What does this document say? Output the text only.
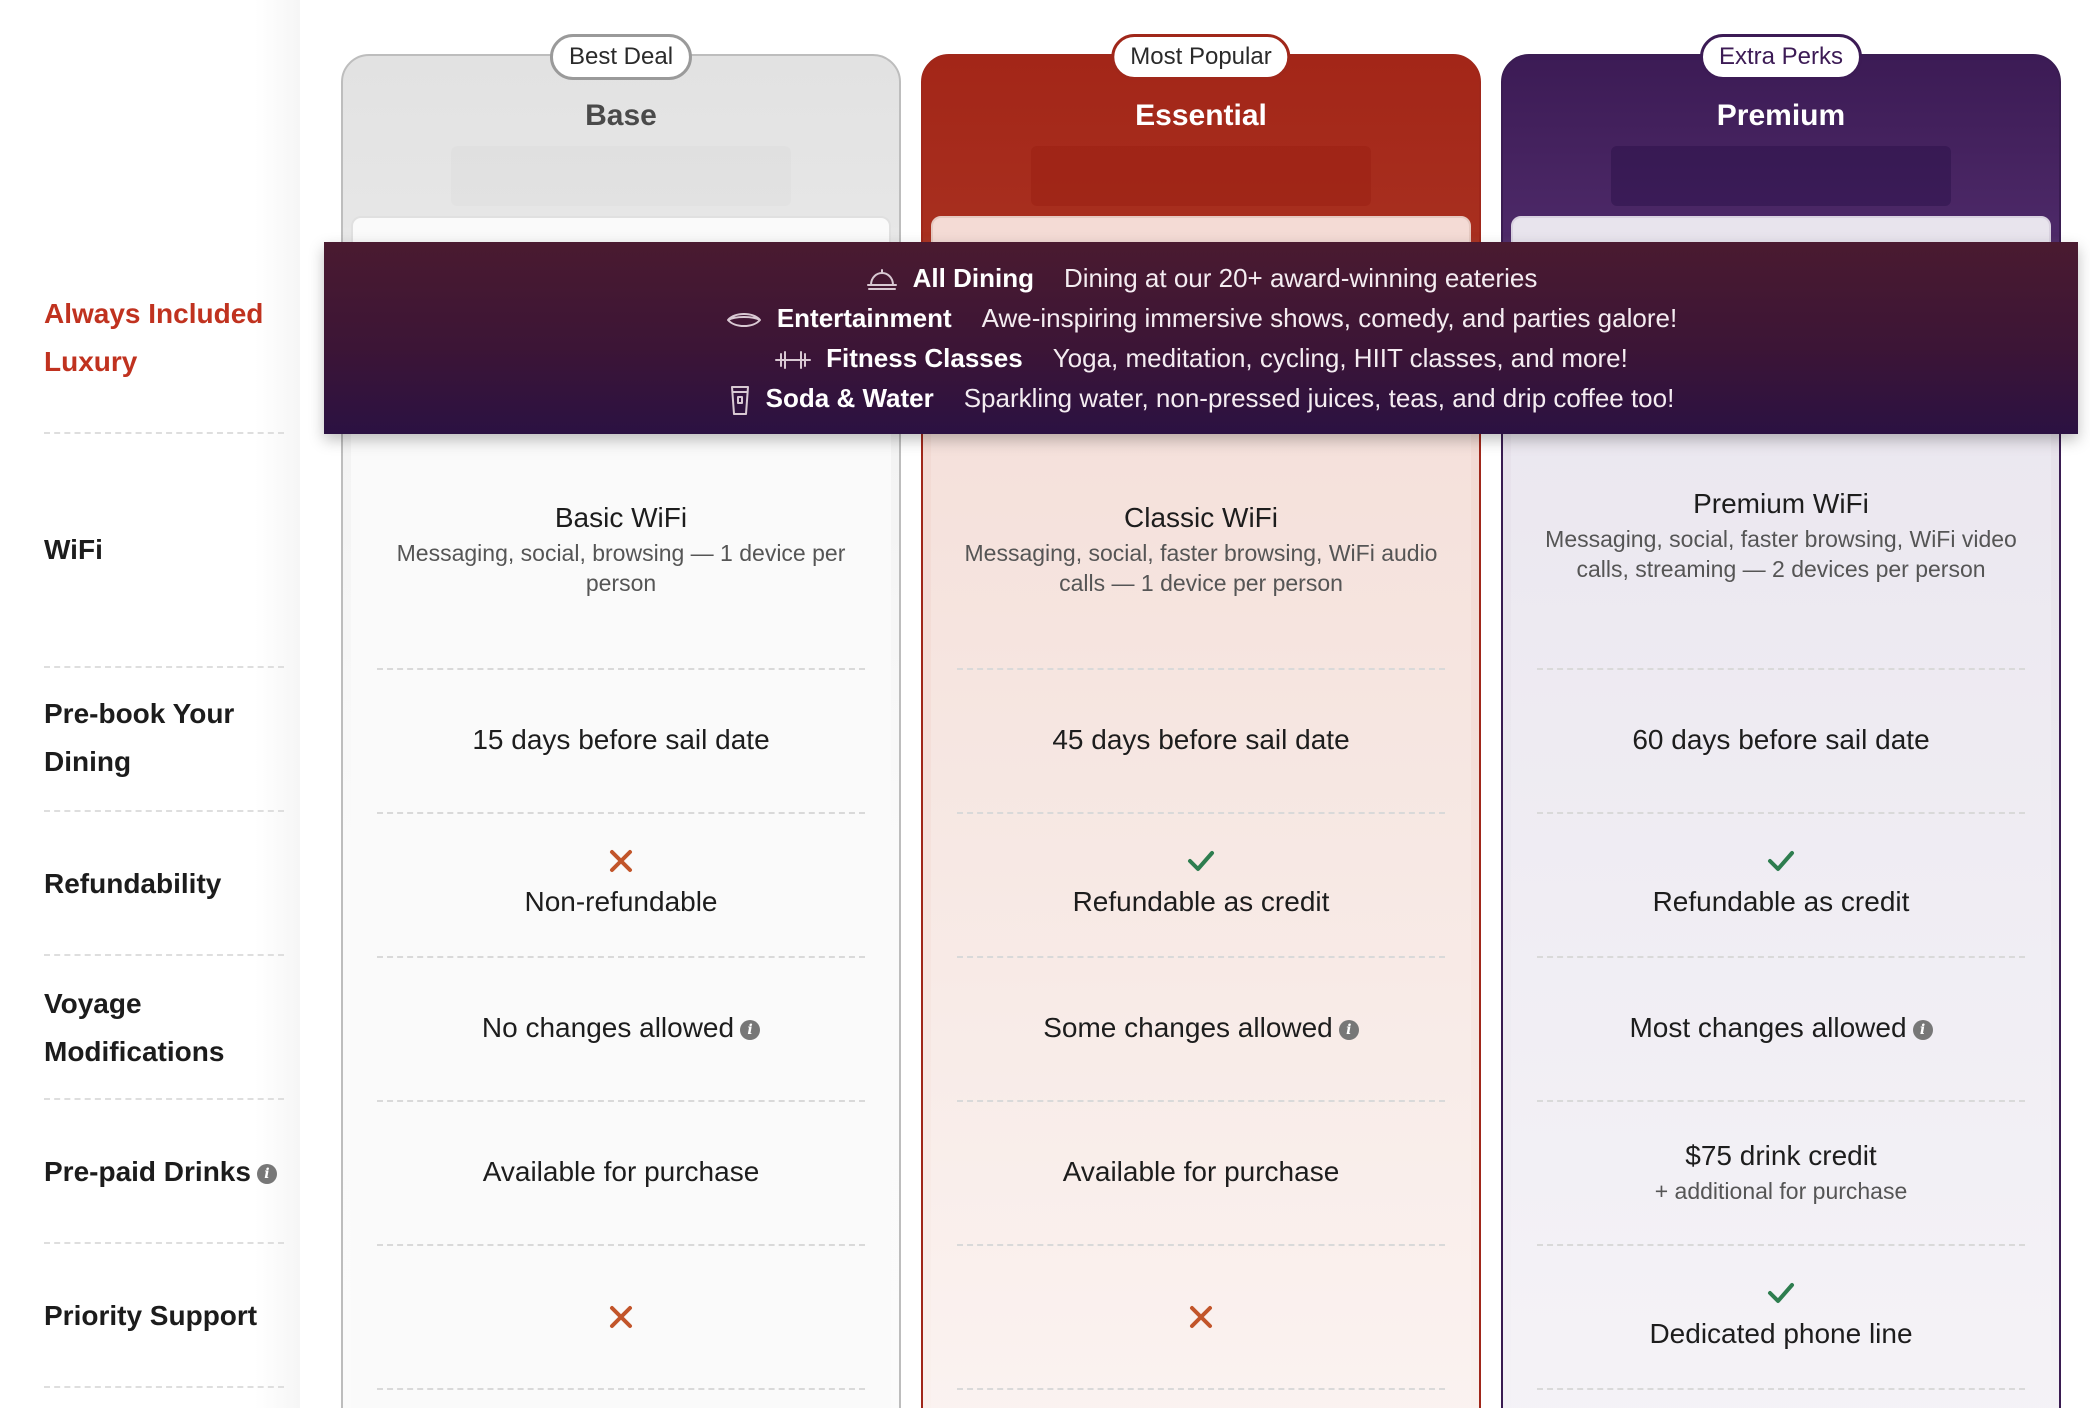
Always Included Luxury
WiFi
Pre-book Your
Dining
Refundability
Voyage
Modifications
Pre-paid Drinks i
Priority Support
Best Deal
Base
Basic WiFi
Messaging, social, browsing — 1 device per person
15 days before sail date
Non-refundable
No changes allowed i
Available for purchase
Most Popular
Essential
Classic WiFi
Messaging, social, faster browsing, WiFi audio calls — 1 device per person
45 days before sail date
Refundable as credit
Some changes allowed i
Available for purchase
Extra Perks
Premium
Premium WiFi
Messaging, social, faster browsing, WiFi video calls, streaming — 2 devices per person
60 days before sail date
Refundable as credit
Most changes allowed i
$75 drink credit
+ additional for purchase
Dedicated phone line
All Dining Dining at our 20+ award-winning eateries
Entertainment Awe-inspiring immersive shows, comedy, and parties galore!
Fitness Classes Yoga, meditation, cycling, HIIT classes, and more!
Soda & Water Sparkling water, non-pressed juices, teas, and drip coffee too!
